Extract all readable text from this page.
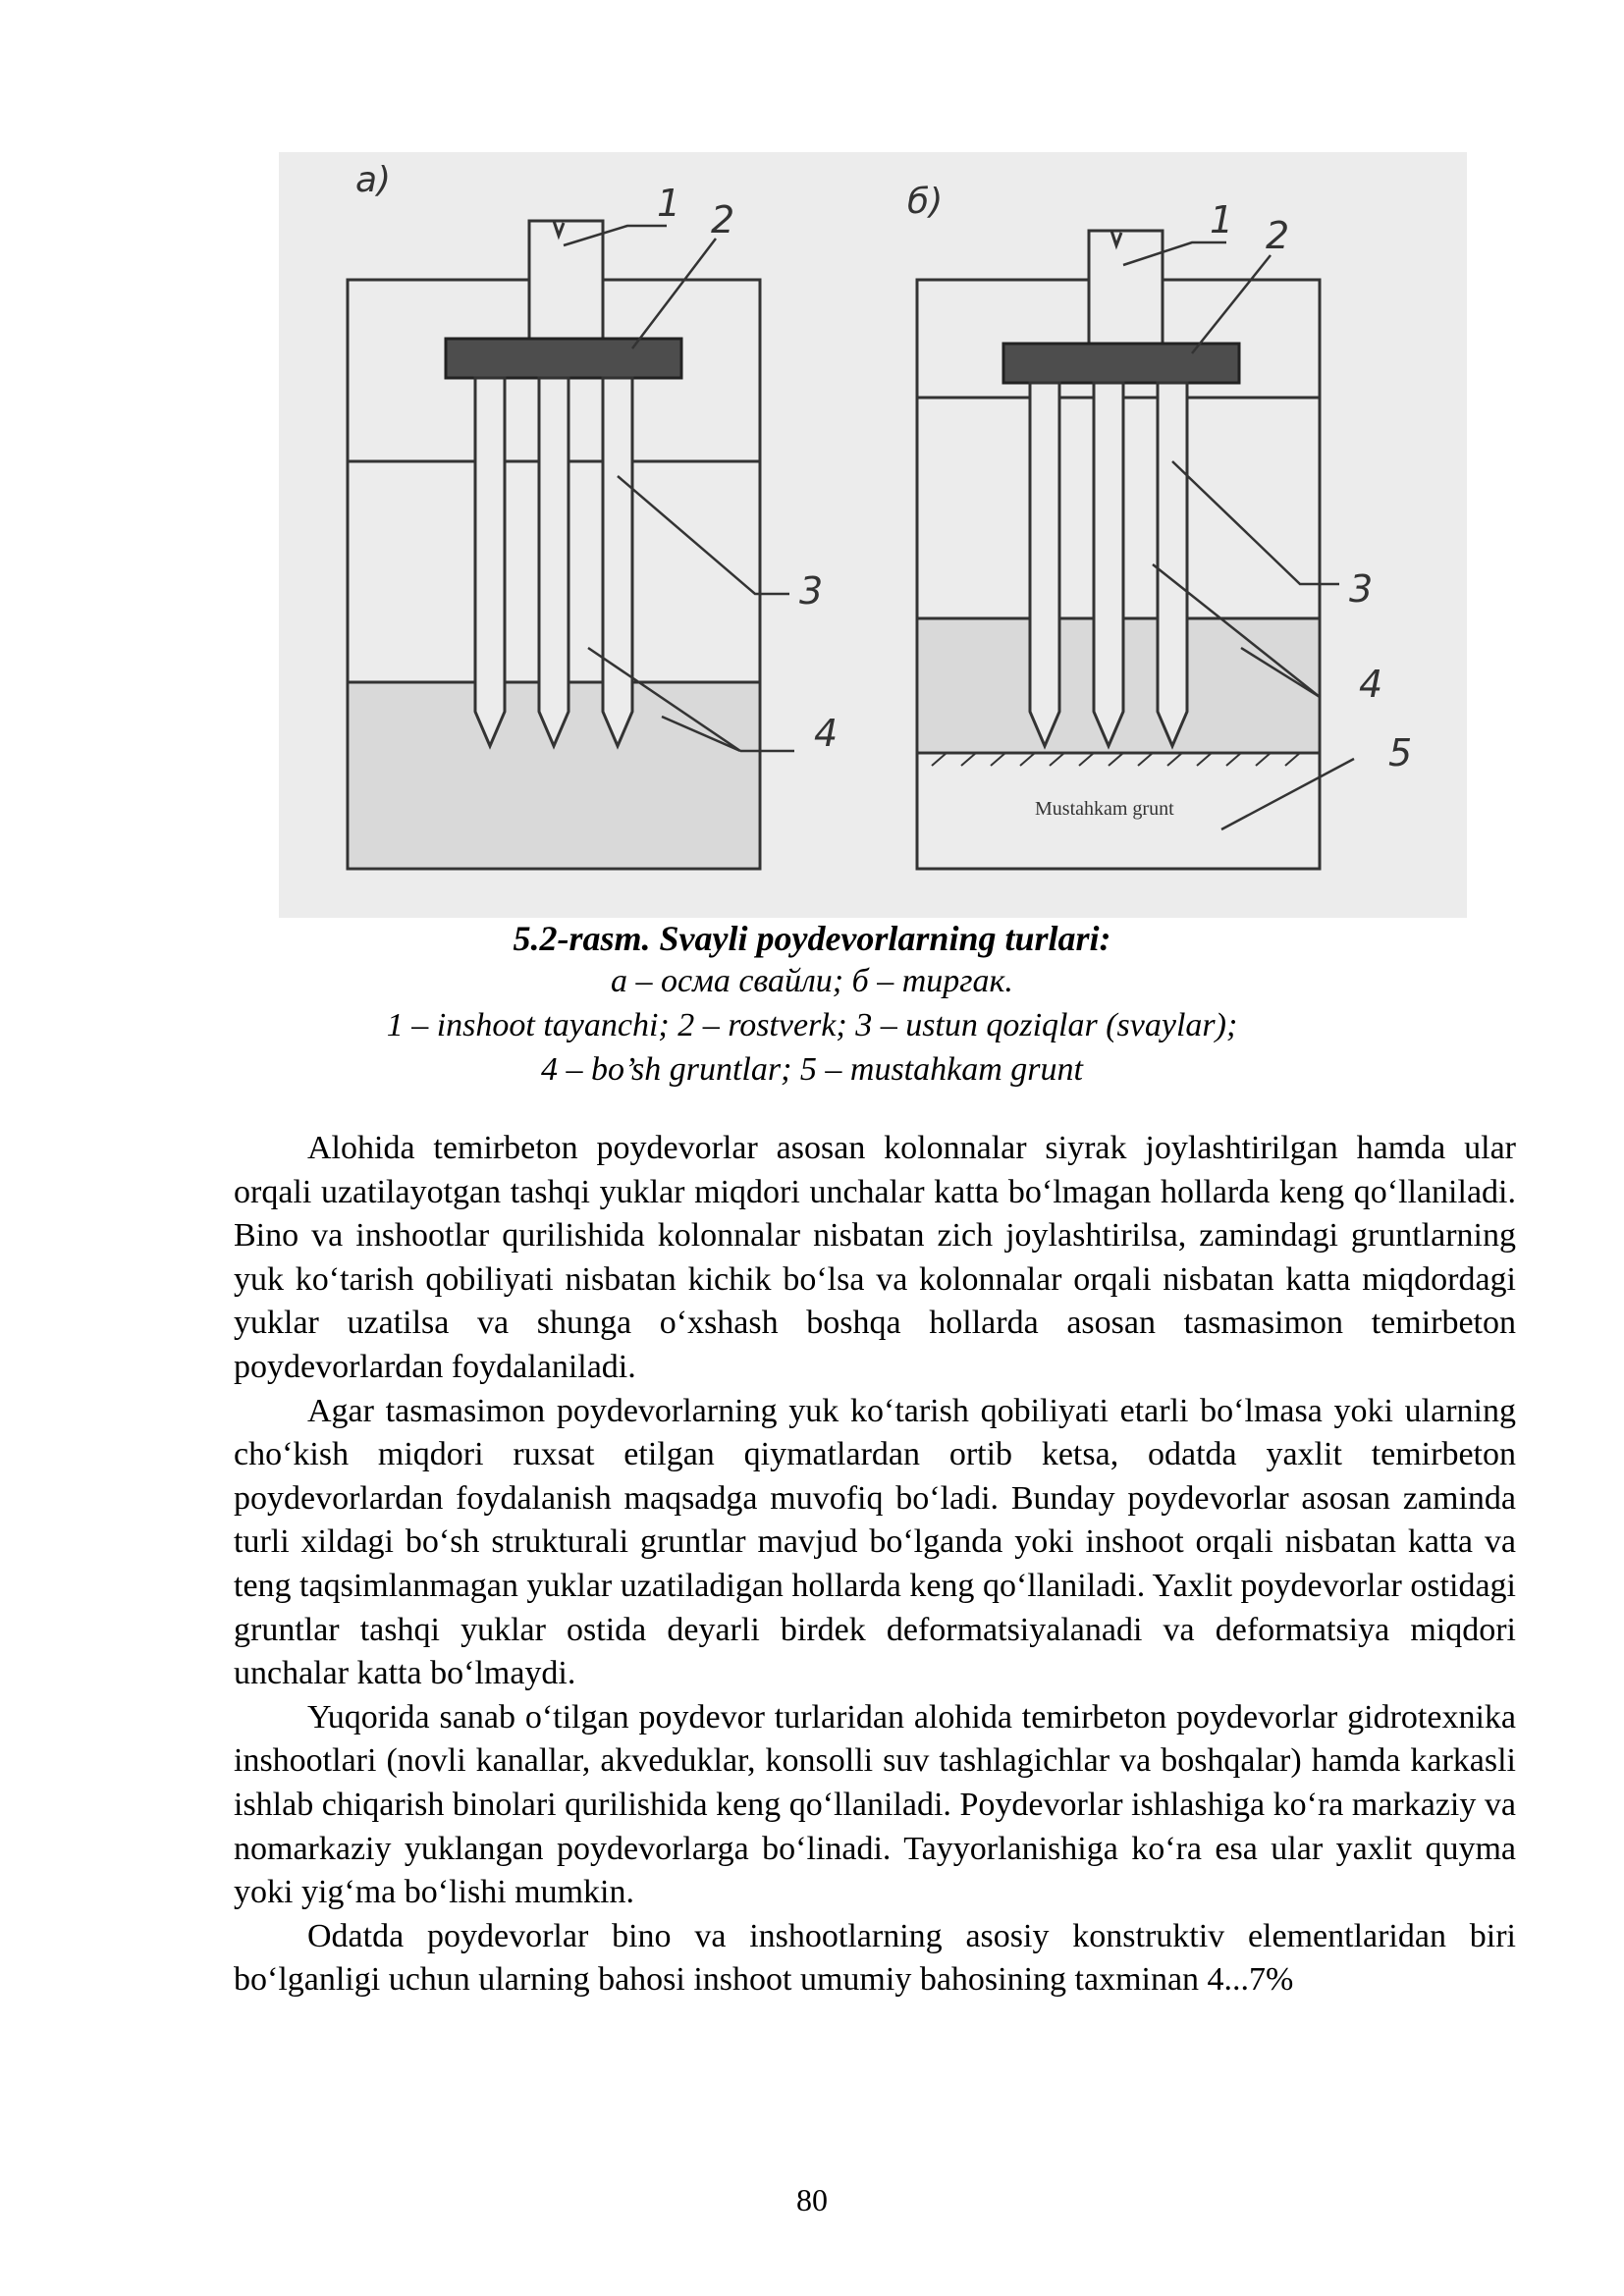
a)
1 2
3
4
б)
Mustahkam grunt
1 2
3
4
5
5.2-rasm. Svayli poydevorlarning turlari:
а – осма свайли; б – тиргак.
1 – inshoot tayanchi; 2 – rostverk; 3 – ustun qoziqlar (svaylar);
4 – bo’sh gruntlar; 5 – mustahkam grunt

Alohida temirbeton poydevorlar asosan kolonnalar siyrak joylashtirilgan hamda ular orqali uzatilayotgan tashqi yuklar miqdori unchalar katta bo‘lmagan hollarda keng qo‘llaniladi. Bino va inshootlar qurilishida kolonnalar nisbatan zich joylashtirilsa, zamindagi gruntlarning yuk ko‘tarish qobiliyati nisbatan kichik bo‘lsa va kolonnalar orqali nisbatan katta miqdordagi yuklar uzatilsa va shunga o‘xshash boshqa hollarda asosan tasmasimon temirbeton poydevorlardan foydalaniladi.

Agar tasmasimon poydevorlarning yuk ko‘tarish qobiliyati etarli bo‘lmasa yoki ularning cho‘kish miqdori ruxsat etilgan qiymatlardan ortib ketsa, odatda yaxlit temirbeton poydevorlardan foydalanish maqsadga muvofiq bo‘ladi. Bunday poydevorlar asosan zaminda turli xildagi bo‘sh strukturali gruntlar mavjud bo‘lganda yoki inshoot orqali nisbatan katta va teng taqsimlanmagan yuklar uzatiladigan hollarda keng qo‘llaniladi. Yaxlit poydevorlar ostidagi gruntlar tashqi yuklar ostida deyarli birdek deformatsiyalanadi va deformatsiya miqdori unchalar katta bo‘lmaydi.

Yuqorida sanab o‘tilgan poydevor turlaridan alohida temirbeton poydevorlar gidrotexnika inshootlari (novli kanallar, akveduklar, konsolli suv tashlagichlar va boshqalar) hamda karkasli ishlab chiqarish binolari qurilishida keng qo‘llaniladi. Poydevorlar ishlashiga ko‘ra markaziy va nomarkaziy yuklangan poydevorlarga bo‘linadi. Tayyorlanishiga ko‘ra esa ular yaxlit quyma yoki yig‘ma bo‘lishi mumkin.

Odatda poydevorlar bino va inshootlarning asosiy konstruktiv elementlaridan biri bo‘lganligi uchun ularning bahosi inshoot umumiy bahosining taxminan 4...7%

80
